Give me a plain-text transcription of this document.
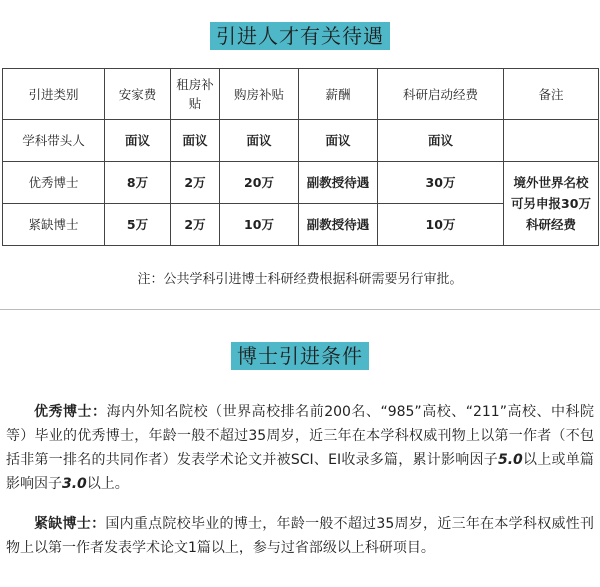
引进人才有关待遇
引进类别	安家费	租房补贴	购房补贴	薪酬	科研启动经费	备注
学科带头人	面议	面议	面议	面议	面议	
优秀博士	8万	2万	20万	副教授待遇	30万	境外世界名校可另申报30万科研经费
紧缺博士	5万	2万	10万	副教授待遇	10万	
注：公共学科引进博士科研经费根据科研需要另行审批。
博士引进条件

优秀博士：海内外知名院校（世界高校排名前200名、“985”高校、“211”高校、中科院等）毕业的优秀博士，年龄一般不超过35周岁，近三年在本学科权威刊物上以第一作者（不包括非第一排名的共同作者）发表学术论文并被SCI、EI收录多篇，累计影响因子5.0以上或单篇影响因子3.0以上。

紧缺博士：国内重点院校毕业的博士，年龄一般不超过35周岁，近三年在本学科权威性刊物上以第一作者发表学术论文1篇以上，参与过省部级以上科研项目。
